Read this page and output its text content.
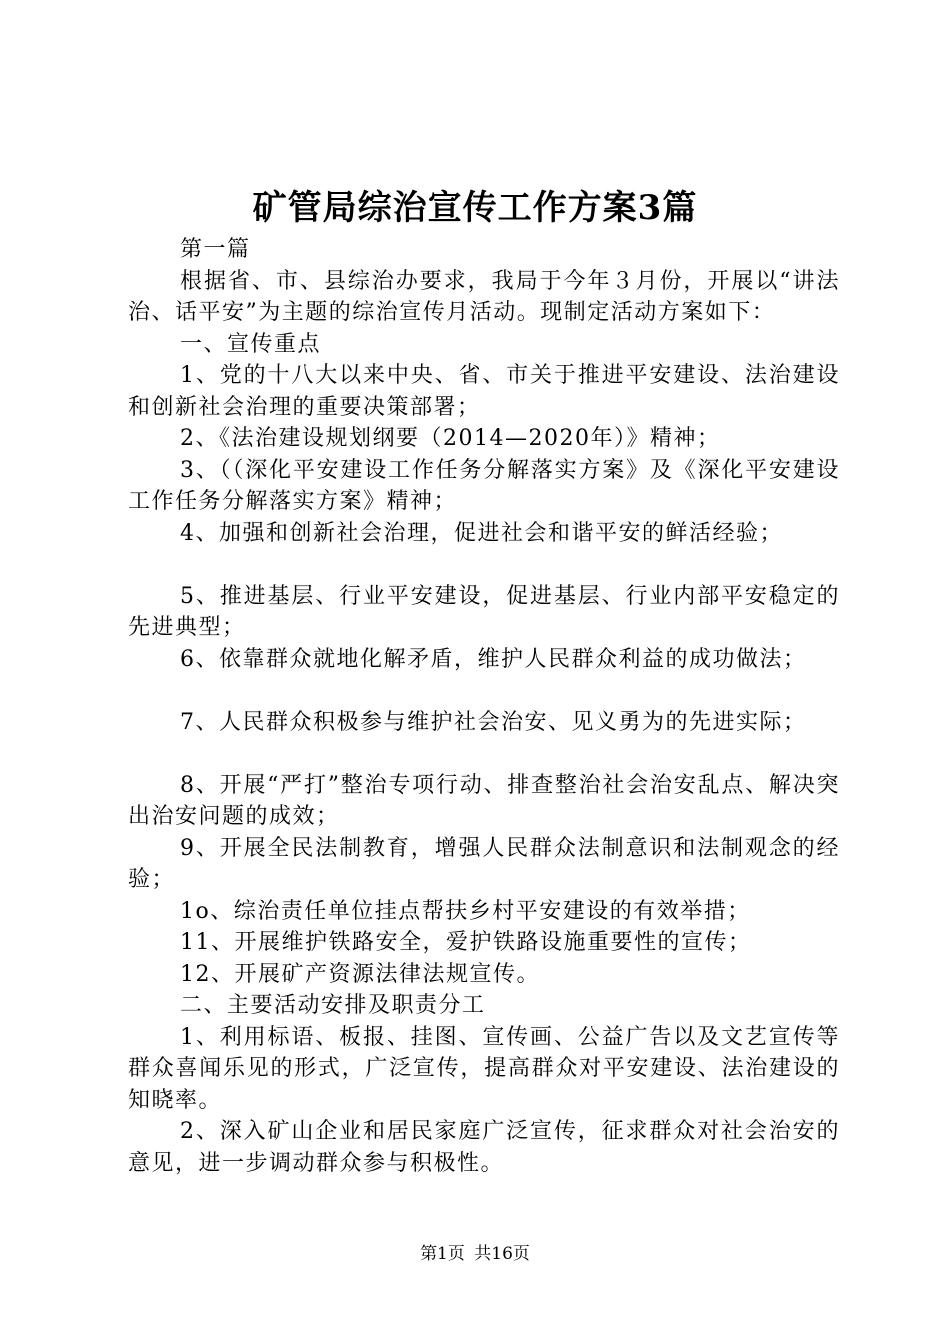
矿管局综治宣传工作方案3篇

第一篇

根据省、市、县综治办要求，我局于今年３月份，开展以“讲法治、话平安”为主题的综治宣传月活动。现制定活动方案如下：

一、宣传重点

1、党的十八大以来中央、省、市关于推进平安建设、法治建设和创新社会治理的重要决策部署；

2、《法治建设规划纲要（2014—2020年）》精神；

3、（（深化平安建设工作任务分解落实方案》及《深化平安建设工作任务分解落实方案》精神；

4、加强和创新社会治理，促进社会和谐平安的鲜活经验；

5、推进基层、行业平安建设，促进基层、行业内部平安稳定的先进典型；

6、依靠群众就地化解矛盾，维护人民群众利益的成功做法；

7、人民群众积极参与维护社会治安、见义勇为的先进实际；

8、开展“严打”整治专项行动、排查整治社会治安乱点、解决突出治安问题的成效；

9、开展全民法制教育，增强人民群众法制意识和法制观念的经验；

1o、综治责任单位挂点帮扶乡村平安建设的有效举措；

11、开展维护铁路安全，爱护铁路设施重要性的宣传；

12、开展矿产资源法律法规宣传。

二、主要活动安排及职责分工

1、利用标语、板报、挂图、宣传画、公益广告以及文艺宣传等群众喜闻乐见的形式，广泛宣传，提高群众对平安建设、法治建设的知晓率。

2、深入矿山企业和居民家庭广泛宣传，征求群众对社会治安的意见，进一步调动群众参与积极性。

第1页 共16页
